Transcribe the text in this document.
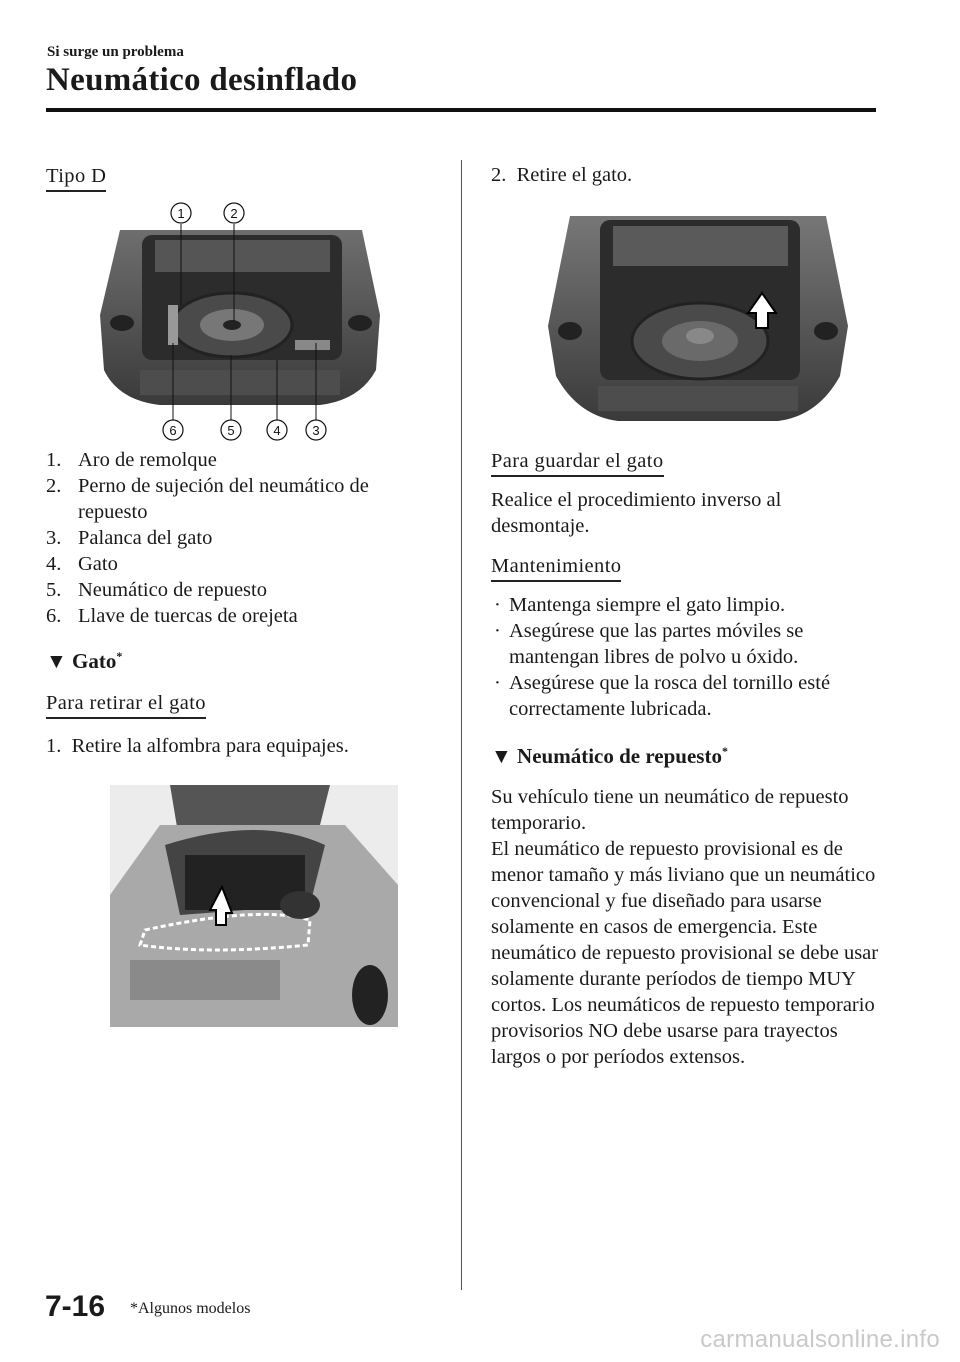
Si surge un problema
Neumático desinflado
Tipo D
1	2
6	5	4 3
1. Aro de remolque
2. Perno de sujeción del neumático de repuesto
3. Palanca del gato
4. Gato
5. Neumático de repuesto
6. Llave de tuercas de orejeta
▼ Gato*
Para retirar el gato
1. Retire la alfombra para equipajes.
2. Retire el gato.
Para guardar el gato
Realice el procedimiento inverso al desmontaje.
Mantenimiento
· Mantenga siempre el gato limpio.
· Asegúrese que las partes móviles se mantengan libres de polvo u óxido.
· Asegúrese que la rosca del tornillo esté correctamente lubricada.
▼ Neumático de repuesto*
Su vehículo tiene un neumático de repuesto temporario.
El neumático de repuesto provisional es de menor tamaño y más liviano que un neumático convencional y fue diseñado para usarse solamente en casos de emergencia. Este neumático de repuesto provisional se debe usar solamente durante períodos de tiempo MUY cortos. Los neumáticos de repuesto temporario provisorios NO debe usarse para trayectos largos o por períodos extensos.
7-16 *Algunos modelos
carmanualsonline.info
